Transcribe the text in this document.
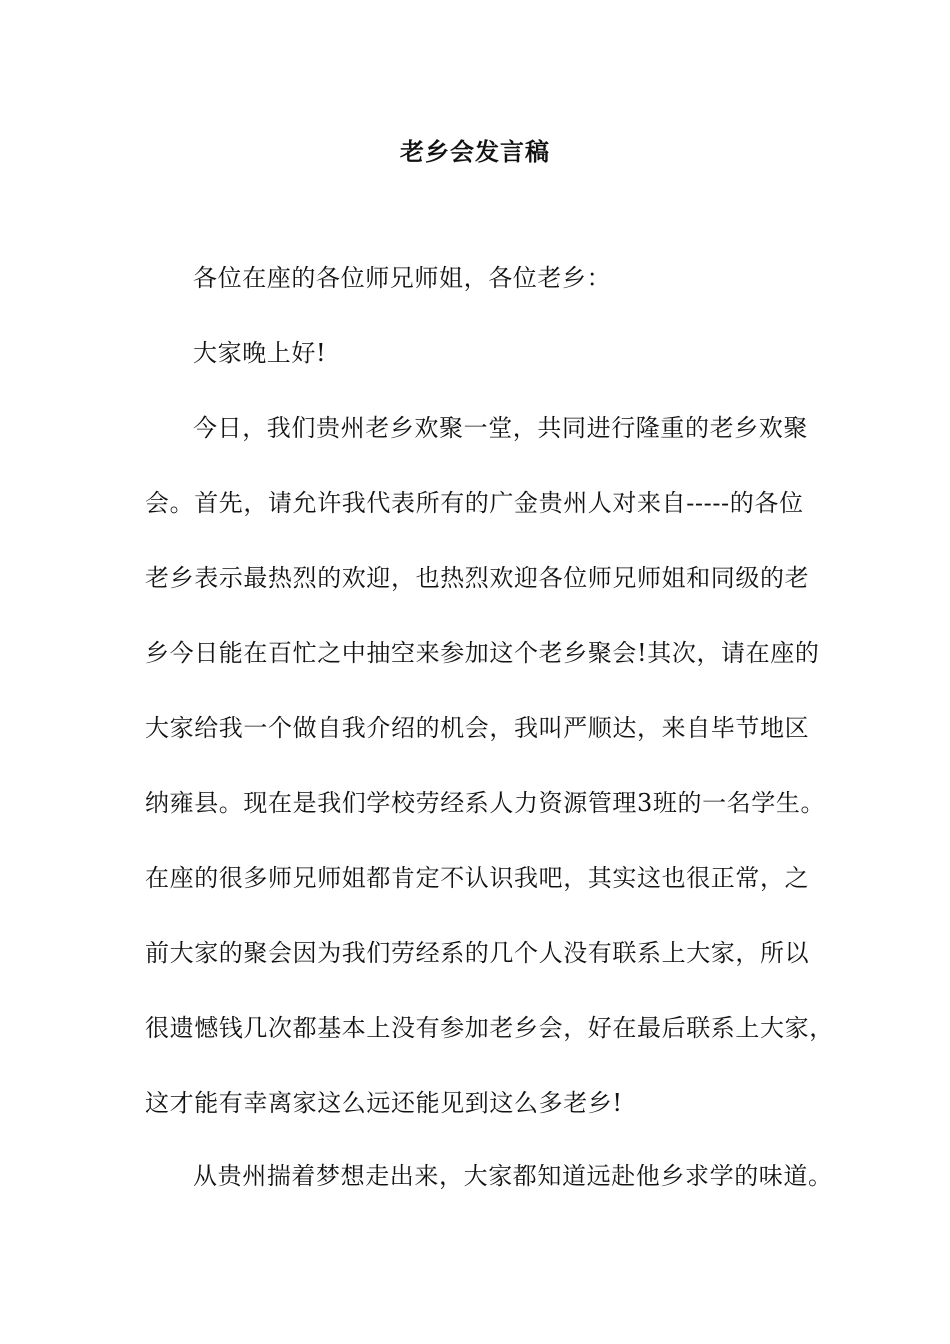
老乡会发言稿
各位在座的各位师兄师姐，各位老乡：
大家晚上好!
今日，我们贵州老乡欢聚一堂，共同进行隆重的老乡欢聚
会。首先，请允许我代表所有的广金贵州人对来自-----的各位
老乡表示最热烈的欢迎，也热烈欢迎各位师兄师姐和同级的老
乡今日能在百忙之中抽空来参加这个老乡聚会!其次，请在座的
大家给我一个做自我介绍的机会，我叫严顺达，来自毕节地区
纳雍县。现在是我们学校劳经系人力资源管理3班的一名学生。
在座的很多师兄师姐都肯定不认识我吧，其实这也很正常，之
前大家的聚会因为我们劳经系的几个人没有联系上大家，所以
很遗憾钱几次都基本上没有参加老乡会，好在最后联系上大家，
这才能有幸离家这么远还能见到这么多老乡!
从贵州揣着梦想走出来，大家都知道远赴他乡求学的味道。
